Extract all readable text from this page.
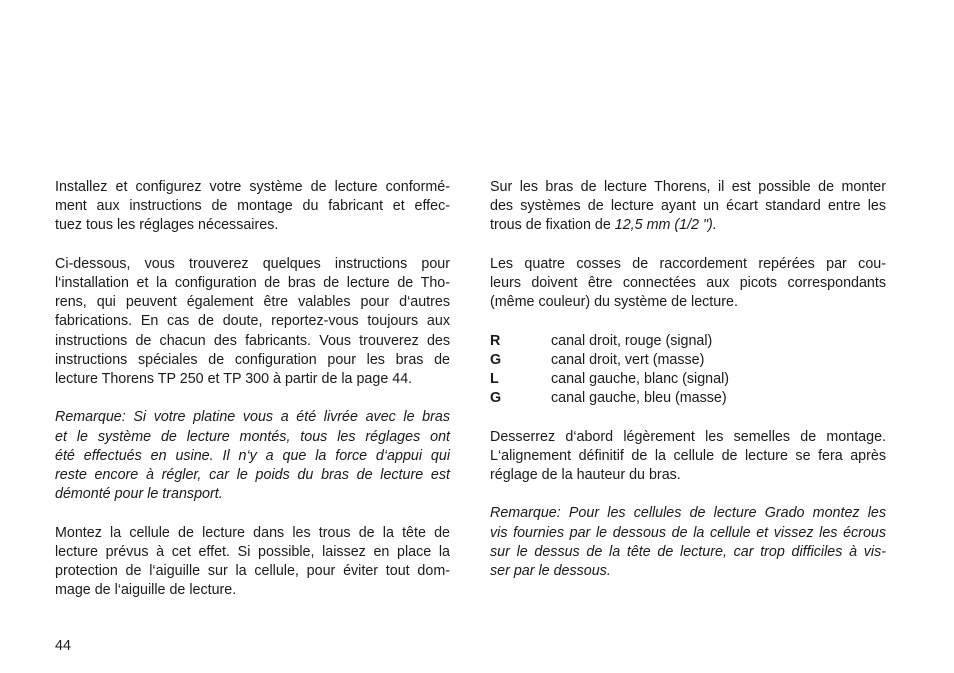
Installez et configurez votre système de lecture conformé-
ment aux instructions de montage du fabricant et effec-
tuez tous les réglages nécessaires.
Ci-dessous, vous trouverez quelques instructions pour
l‘installation et la configuration de bras de lecture de Tho-
rens, qui peuvent également être valables pour d‘autres
fabrications. En cas de doute, reportez-vous toujours aux
instructions de chacun des fabricants. Vous trouverez des
instructions spéciales de configuration pour les bras de
lecture Thorens TP 250 et TP 300 à partir de la page 44.
Remarque: Si votre platine vous a été livrée avec le bras
et le système de lecture montés, tous les réglages ont
été effectués en usine. Il n‘y a que la force d‘appui qui
reste encore à régler, car le poids du bras de lecture est
démonté pour le transport.
Montez la cellule de lecture dans les trous de la tête de
lecture prévus à cet effet. Si possible, laissez en place la
protection de l‘aiguille sur la cellule, pour éviter tout dom-
mage de l‘aiguille de lecture.
Sur les bras de lecture Thorens, il est possible de monter
des systèmes de lecture ayant un écart standard entre les
trous de fixation de 12,5 mm (1/2 ").
Les quatre cosses de raccordement repérées par cou-
leurs doivent être connectées aux picots correspondants
(même couleur) du système de lecture.
R	canal droit, rouge (signal)
G	canal droit, vert (masse)
L	canal gauche, blanc (signal)
G	canal gauche, bleu (masse)
Desserrez d‘abord légèrement les semelles de montage.
L‘alignement définitif de la cellule de lecture se fera après
réglage de la hauteur du bras.
Remarque: Pour les cellules de lecture Grado montez les
vis fournies par le dessous de la cellule et vissez les écrous
sur le dessus de la tête de lecture, car trop difficiles à vis-
ser par le dessous.
44
